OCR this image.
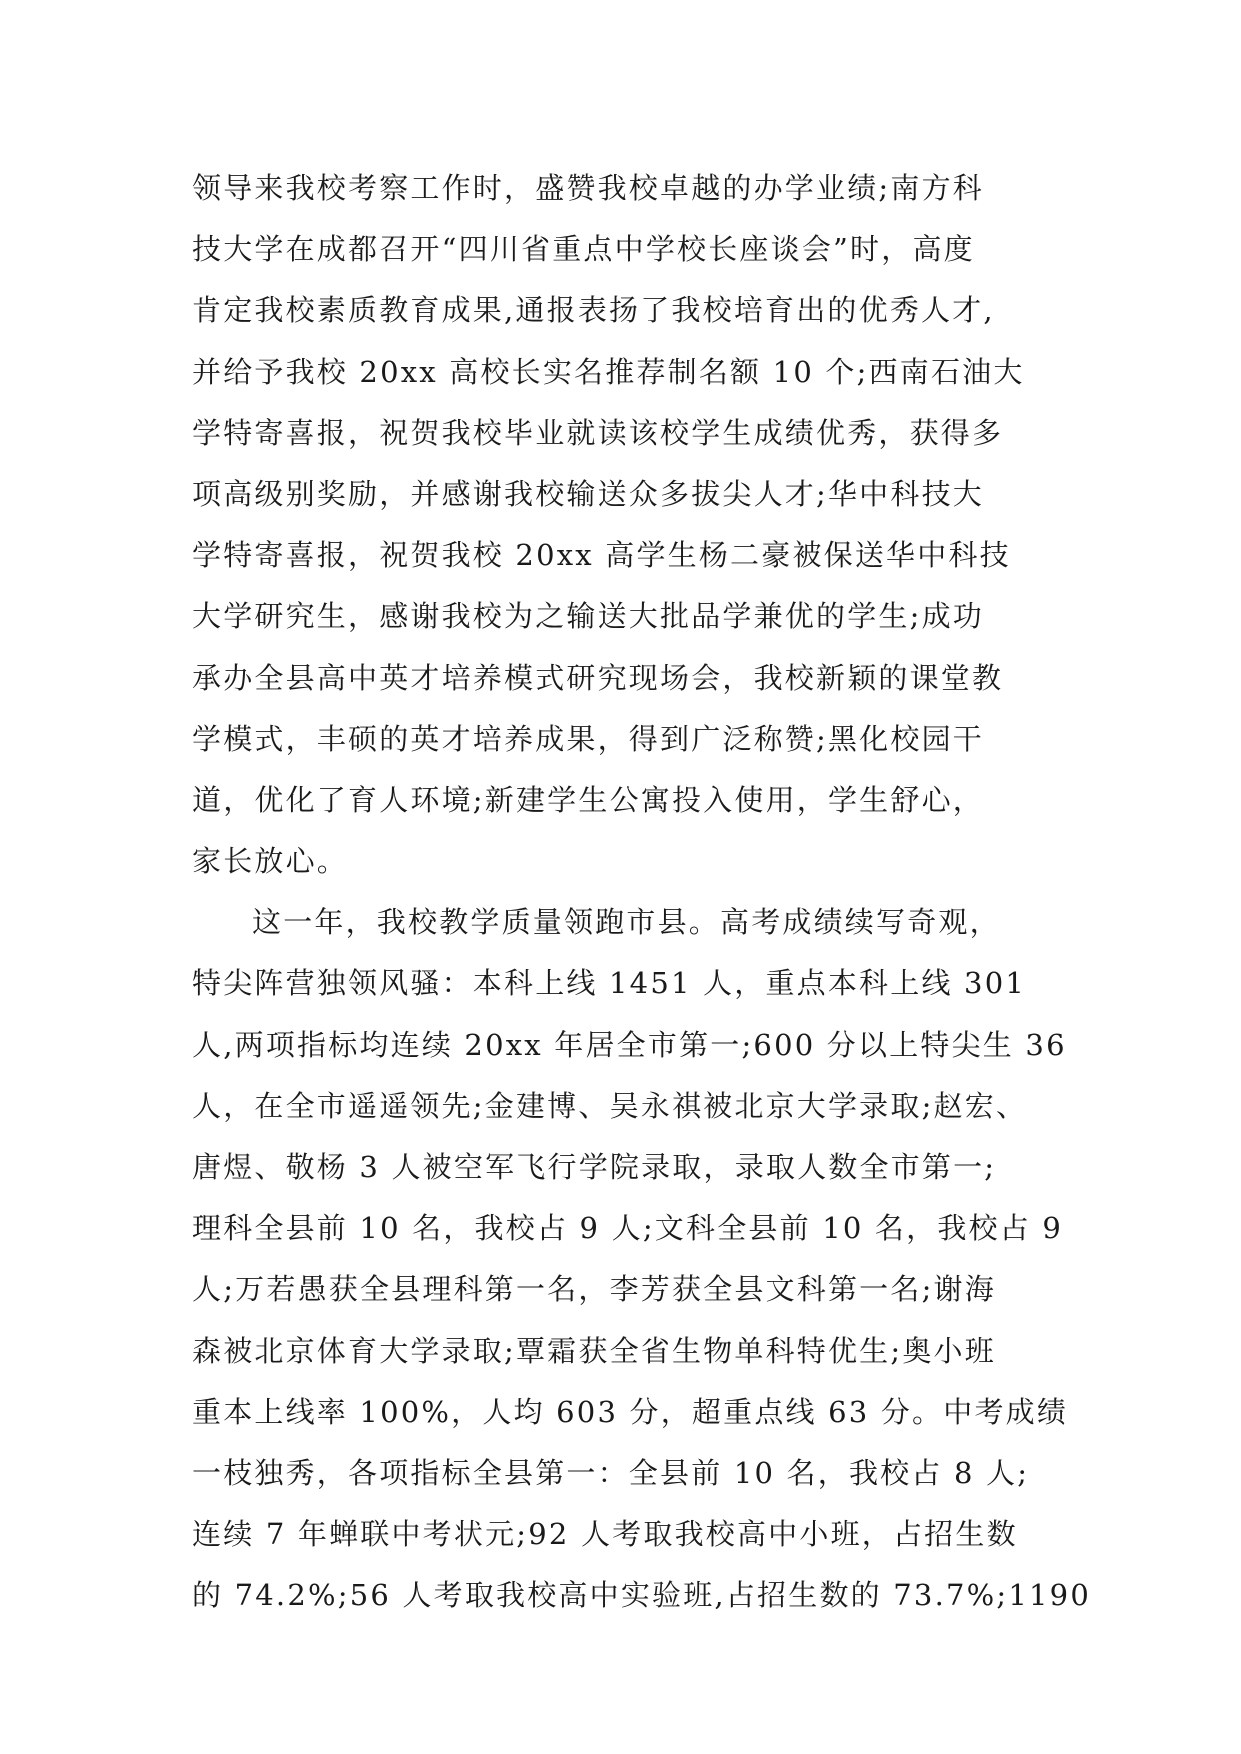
领导来我校考察工作时，盛赞我校卓越的办学业绩;南方科
技大学在成都召开“四川省重点中学校长座谈会”时，高度
肯定我校素质教育成果,通报表扬了我校培育出的优秀人才,
并给予我校 20xx 高校长实名推荐制名额 10 个;西南石油大
学特寄喜报，祝贺我校毕业就读该校学生成绩优秀，获得多
项高级别奖励，并感谢我校输送众多拔尖人才;华中科技大
学特寄喜报，祝贺我校 20xx 高学生杨二豪被保送华中科技
大学研究生，感谢我校为之输送大批品学兼优的学生;成功
承办全县高中英才培养模式研究现场会，我校新颖的课堂教
学模式，丰硕的英才培养成果，得到广泛称赞;黑化校园干
道，优化了育人环境;新建学生公寓投入使用，学生舒心，
家长放心。
这一年，我校教学质量领跑市县。高考成绩续写奇观，
特尖阵营独领风骚：本科上线 1451 人，重点本科上线 301
人,两项指标均连续 20xx 年居全市第一;600 分以上特尖生 36
人，在全市遥遥领先;金建博、吴永祺被北京大学录取;赵宏、
唐煜、敬杨 3 人被空军飞行学院录取，录取人数全市第一;
理科全县前 10 名，我校占 9 人;文科全县前 10 名，我校占 9
人;万若愚获全县理科第一名，李芳获全县文科第一名;谢海
森被北京体育大学录取;覃霜获全省生物单科特优生;奥小班
重本上线率 100%，人均 603 分，超重点线 63 分。中考成绩
一枝独秀，各项指标全县第一：全县前 10 名，我校占 8 人;
连续 7 年蝉联中考状元;92 人考取我校高中小班，占招生数
的 74.2%;56 人考取我校高中实验班,占招生数的 73.7%;1190
